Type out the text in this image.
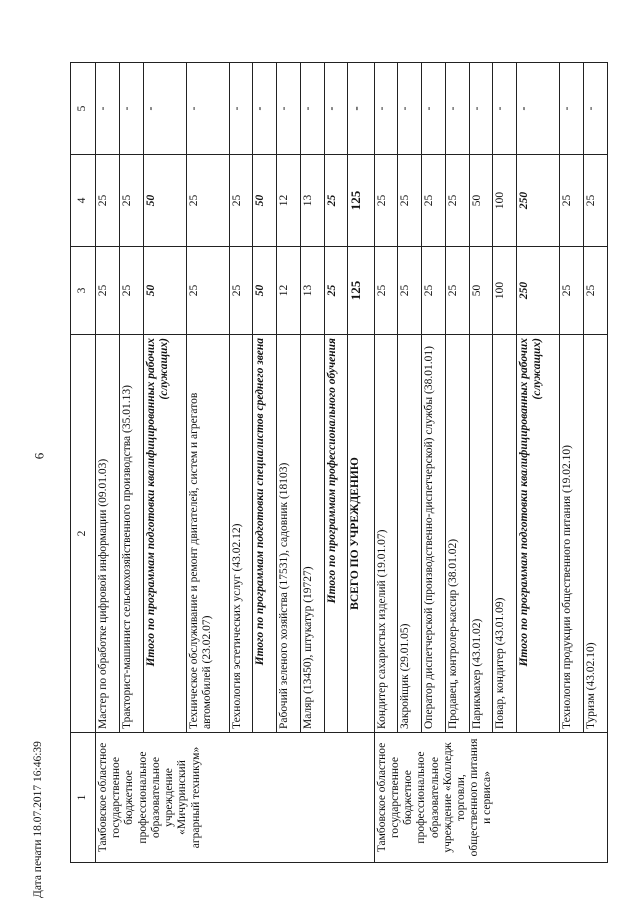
6
Дата печати 18.07.2017 16:46:39	1	2	3	4	5
Тамбовское областное государственное бюджетное профессиональное образовательное учреждение «Мичуринский аграрный техникум»	Мастер по обработке цифровой информации (09.01.03)	25	25	-
	Тракторист-машинист сельскохозяйственного производства (35.01.13)	25	25	-
	Итого по программам подготовки квалифицированных рабочих (служащих)	50	50	-
	Техническое обслуживание и ремонт двигателей, систем и агрегатов автомобилей (23.02.07)	25	25	-
	Технология эстетических услуг (43.02.12)	25	25	-
	Итого по программам подготовки специалистов среднего звена	50	50	-
	Рабочий зеленого хозяйства (17531), садовник (18103)	12	12	-
	Маляр (13450), штукатур (19727)	13	13	-
	Итого по программам профессионального обучения	25	25	-
	ВСЕГО ПО УЧРЕЖДЕНИЮ	125	125	-
Тамбовское областное государственное бюджетное профессиональное образовательное учреждение «Колледж торговли, общественного питания и сервиса»	Кондитер сахаристых изделий (19.01.07)	25	25	-
	Закройщик (29.01.05)	25	25	-
	Оператор диспетчерской (производственно-диспетчерской) службы (38.01.01)	25	25	-
	Продавец, контролер-кассир (38.01.02)	25	25	-
	Парикмахер (43.01.02)	50	50	-
	Повар, кондитер (43.01.09)	100	100	-
	Итого по программам подготовки квалифицированных рабочих (служащих)	250	250	-
	Технология продукции общественного питания (19.02.10)	25	25	-
	Туризм (43.02.10)	25	25	-
